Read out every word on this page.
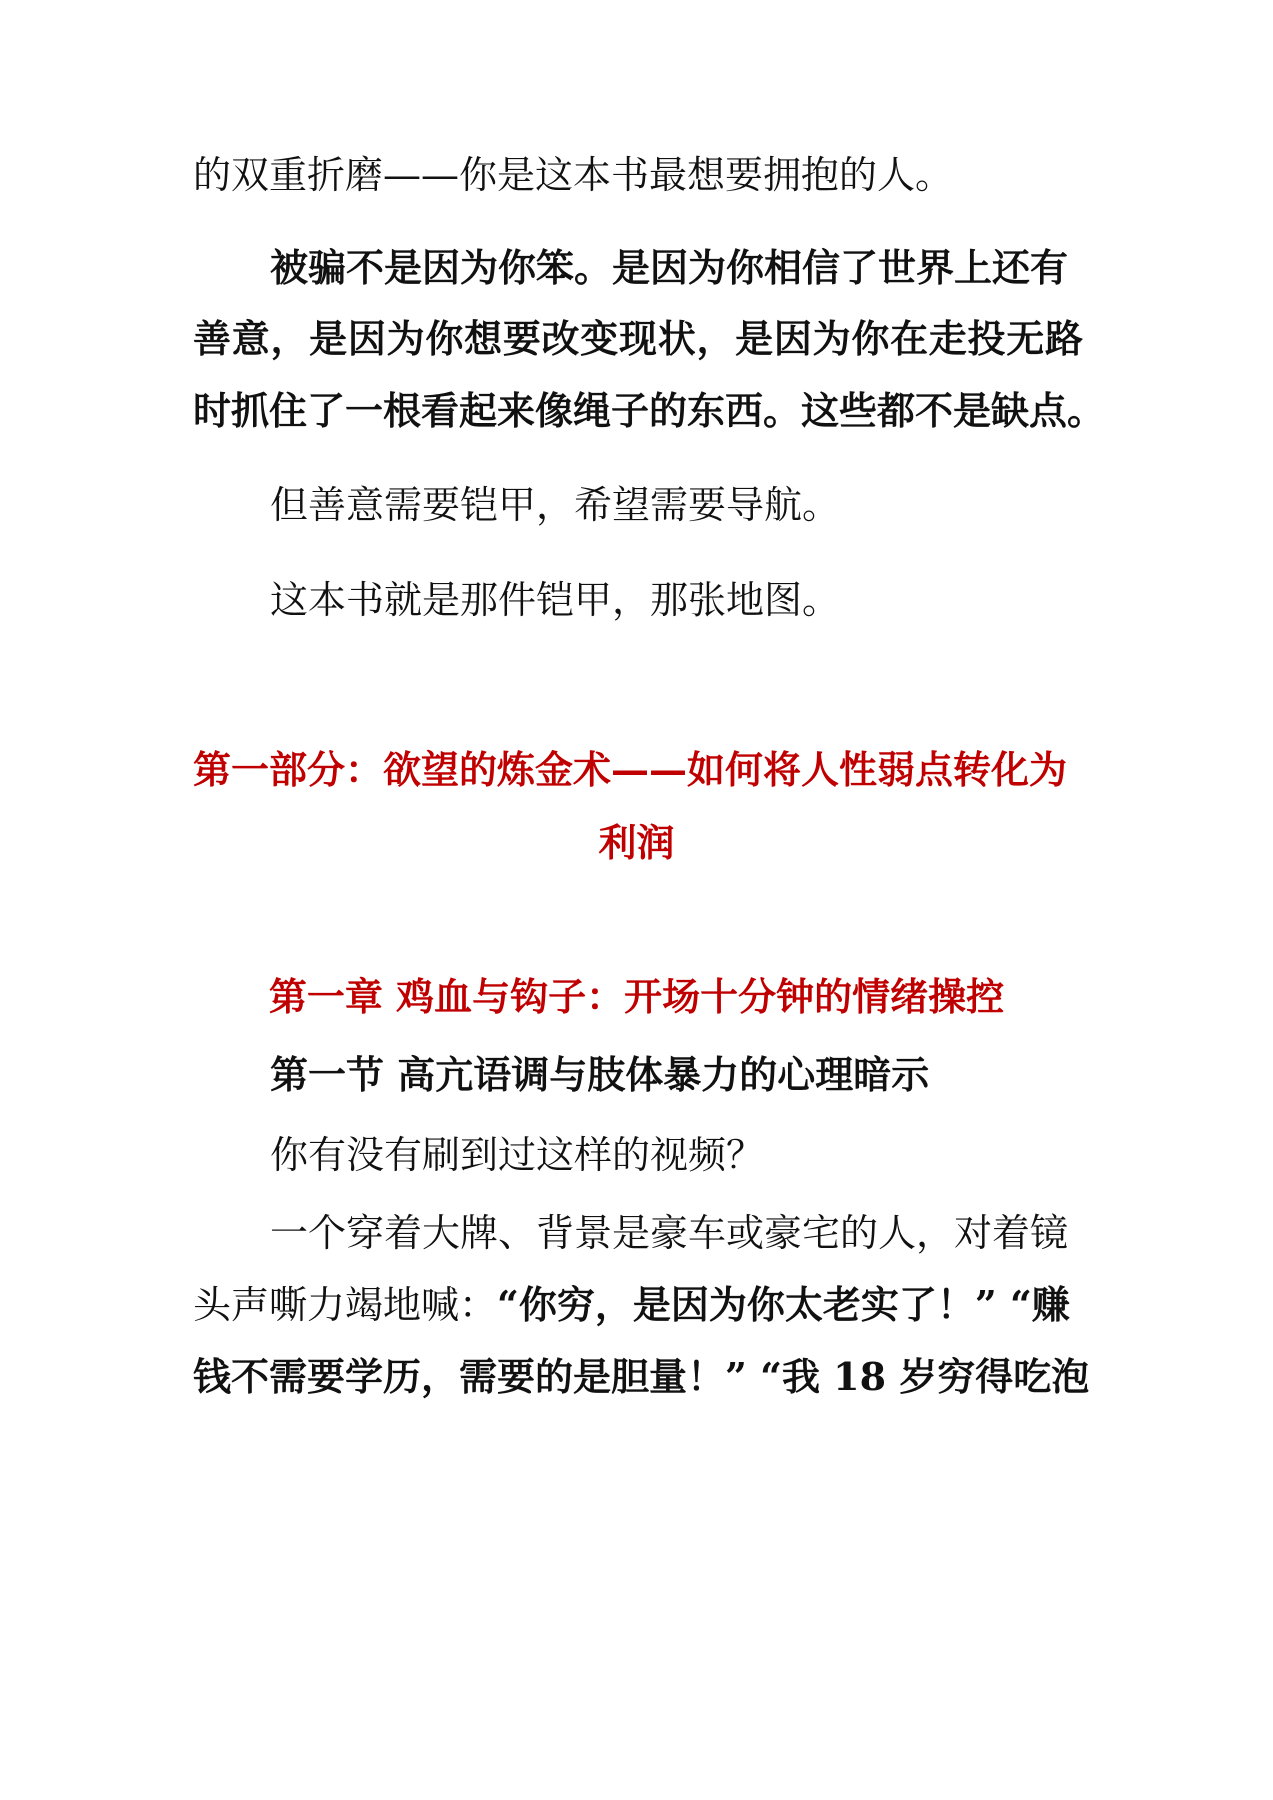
的双重折磨——你是这本书最想要拥抱的人。
被骗不是因为你笨。是因为你相信了世界上还有
善意，是因为你想要改变现状，是因为你在走投无路
时抓住了一根看起来像绳子的东西。这些都不是缺点。
但善意需要铠甲，希望需要导航。
这本书就是那件铠甲，那张地图。
第一部分：欲望的炼金术——如何将人性弱点转化为
利润
第一章 鸡血与钩子：开场十分钟的情绪操控
第一节 高亢语调与肢体暴力的心理暗示
你有没有刷到过这样的视频？
一个穿着大牌、背景是豪车或豪宅的人，对着镜
头声嘶力竭地喊：“你穷，是因为你太老实了！” “赚
钱不需要学历，需要的是胆量！” “我 18 岁穷得吃泡
